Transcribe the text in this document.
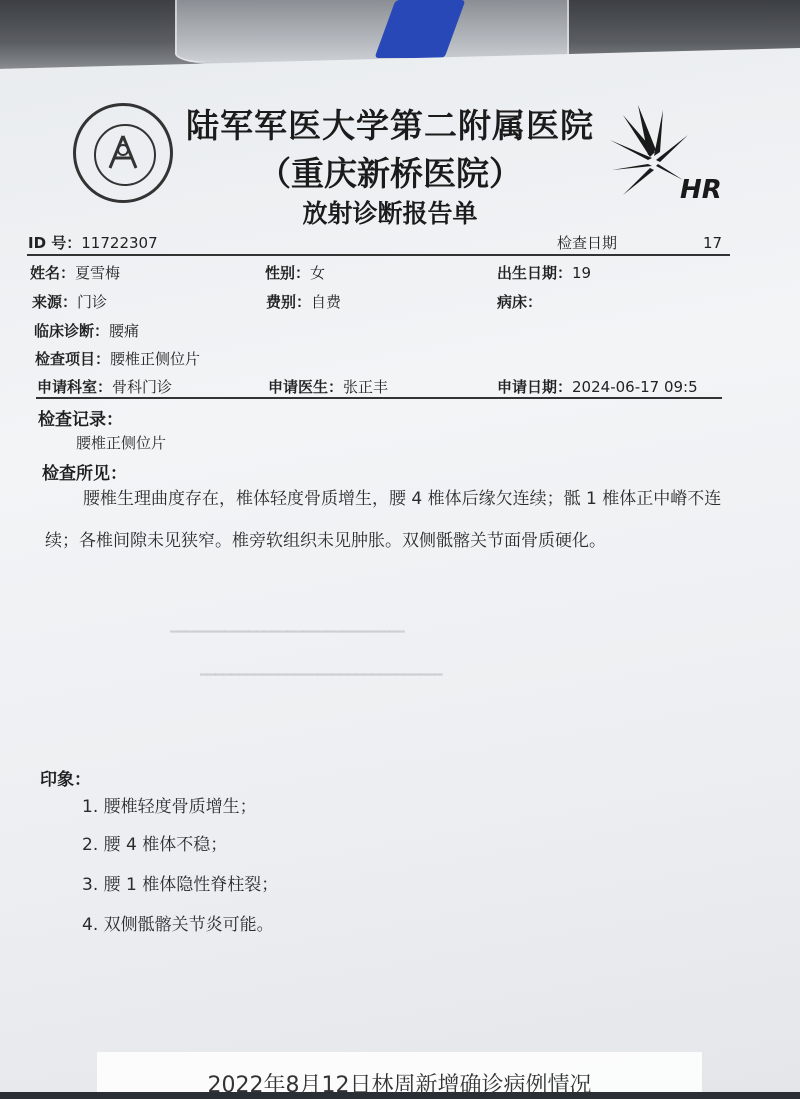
HR
陆军军医大学第二附属医院
（重庆新桥医院）
放射诊断报告单
ID 号：11722307	检查日期	17
姓名：夏雪梅	性别：女	出生日期：19
来源：门诊	费别：自费	病床：
临床诊断：腰痛
检查项目：腰椎正侧位片
申请科室：骨科门诊	申请医生：张正丰	申请日期：2024-06-17 09:5
检查记录：
腰椎正侧位片
检查所见：
腰椎生理曲度存在，椎体轻度骨质增生，腰 4 椎体后缘欠连续；骶 1 椎体正中嵴不连续；各椎间隙未见狭窄。椎旁软组织未见肿胀。双侧骶髂关节面骨质硬化。
━━━━━━━━━━━━━━━━━━━━━━━━━━━━━━
━━━━━━━━━━━━━━━━━━━━━━━━━━━━━━━
印象：
1. 腰椎轻度骨质增生；
2. 腰 4 椎体不稳；
3. 腰 1 椎体隐性脊柱裂；
4. 双侧骶髂关节炎可能。
2022年8月12日林周新增确诊病例情况
